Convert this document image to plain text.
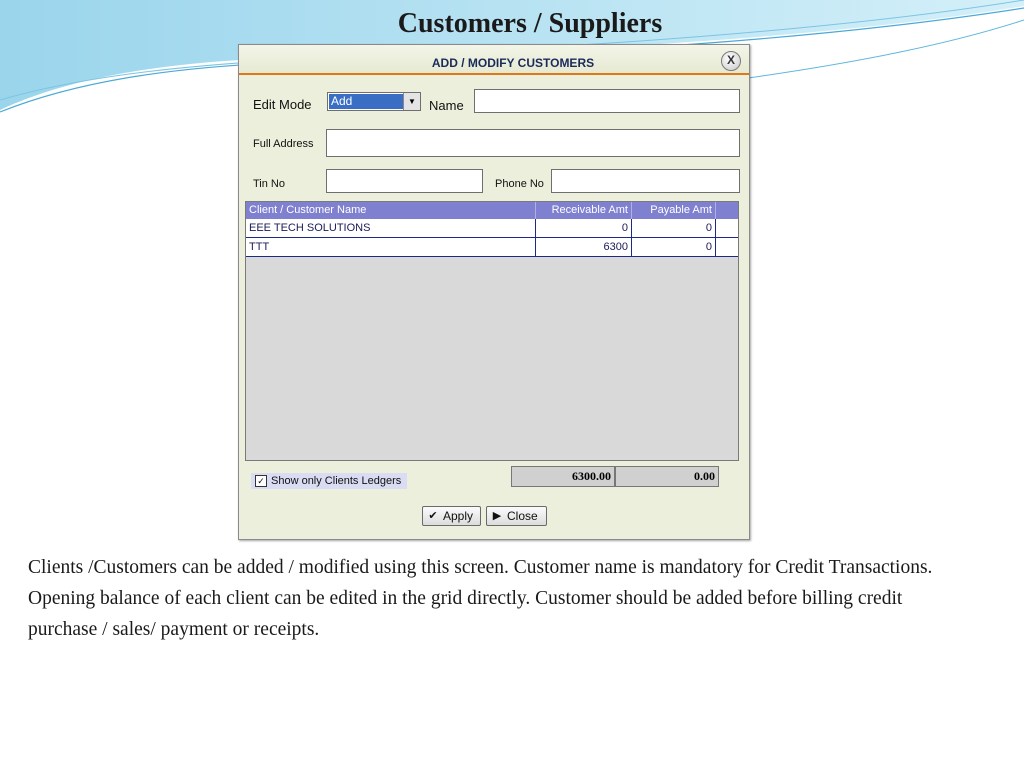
Customers / Suppliers
ADD / MODIFY CUSTOMERS	X
Edit Mode Add	▼	Name
Full Address
Tin No	Phone No
Client / Customer Name	Receivable Amt	Payable Amt
EEE TECH SOLUTIONS	0	0
TTT	6300	0
✓ Show only Clients Ledgers	6300.00	0.00
✔ Apply ▶ Close
Clients /Customers can be added / modified using this screen. Customer name is mandatory for Credit Transactions. Opening balance of each client can be edited in the grid directly. Customer should be added before billing credit purchase / sales/ payment or receipts.
